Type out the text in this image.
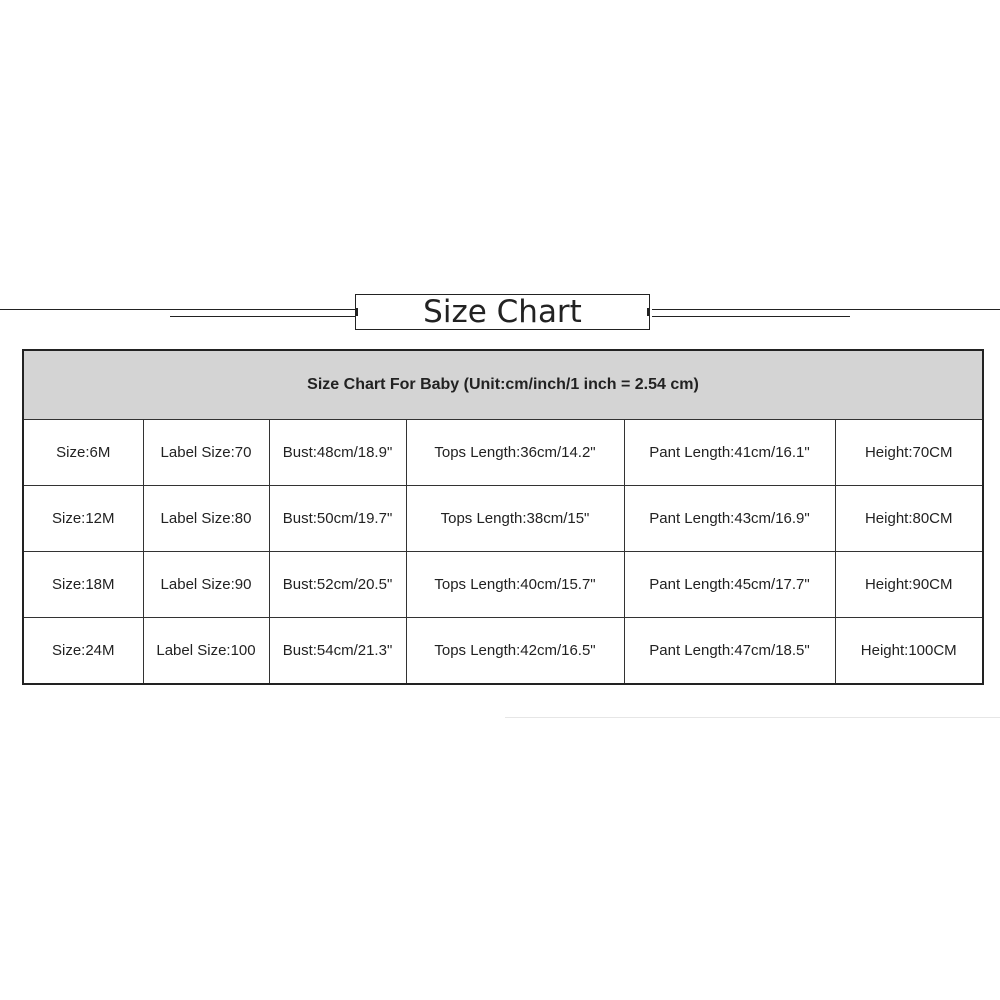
Size Chart
Size Chart For Baby (Unit:cm/inch/1 inch = 2.54 cm)					
Size:6M	Label Size:70	Bust:48cm/18.9"	Tops Length:36cm/14.2"	Pant Length:41cm/16.1"	Height:70CM
Size:12M	Label Size:80	Bust:50cm/19.7"	Tops Length:38cm/15"	Pant Length:43cm/16.9"	Height:80CM
Size:18M	Label Size:90	Bust:52cm/20.5"	Tops Length:40cm/15.7"	Pant Length:45cm/17.7"	Height:90CM
Size:24M	Label Size:100	Bust:54cm/21.3"	Tops Length:42cm/16.5"	Pant Length:47cm/18.5"	Height:100CM
